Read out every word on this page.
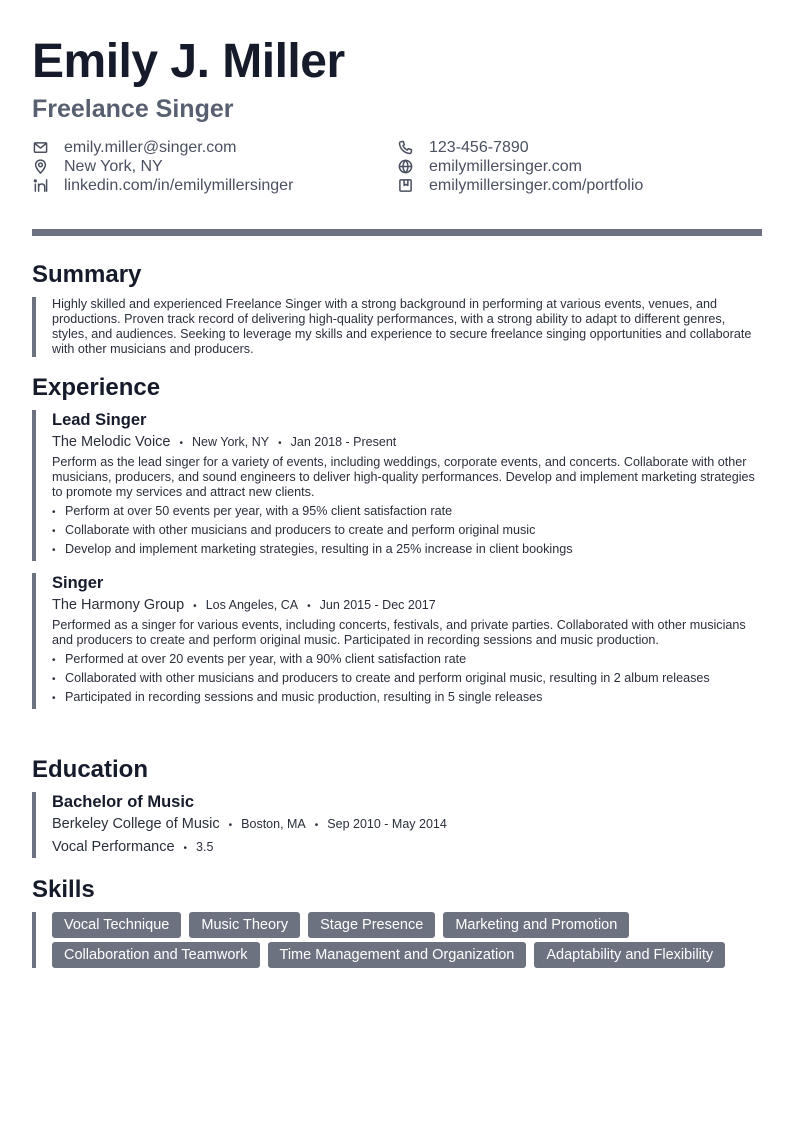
Emily J. Miller
Freelance Singer
emily.miller@singer.com	123-456-7890
New York, NY	emilymillersinger.com
linkedin.com/in/emilymillersinger	emilymillersinger.com/portfolio
Summary

Highly skilled and experienced Freelance Singer with a strong background in performing at various events, venues, and productions. Proven track record of delivering high-quality performances, with a strong ability to adapt to different genres, styles, and audiences. Seeking to leverage my skills and experience to secure freelance singing opportunities and collaborate with other musicians and producers.

Experience

Lead Singer

The Melodic Voice • New York, NY • Jan 2018 - Present

Perform as the lead singer for a variety of events, including weddings, corporate events, and concerts. Collaborate with other musicians, producers, and sound engineers to deliver high-quality performances. Develop and implement marketing strategies to promote my services and attract new clients.

• Perform at over 50 events per year, with a 95% client satisfaction rate
• Collaborate with other musicians and producers to create and perform original music
• Develop and implement marketing strategies, resulting in a 25% increase in client bookings

Singer

The Harmony Group • Los Angeles, CA • Jun 2015 - Dec 2017

Performed as a singer for various events, including concerts, festivals, and private parties. Collaborated with other musicians and producers to create and perform original music. Participated in recording sessions and music production.

• Performed at over 20 events per year, with a 90% client satisfaction rate
• Collaborated with other musicians and producers to create and perform original music, resulting in 2 album releases
• Participated in recording sessions and music production, resulting in 5 single releases
Education

Bachelor of Music

Berkeley College of Music • Boston, MA • Sep 2010 - May 2014
Vocal Performance • 3.5
Skills
Vocal Technique	Music Theory	Stage Presence	Marketing and Promotion
Collaboration and Teamwork	Time Management and Organization	Adaptability and Flexibility
